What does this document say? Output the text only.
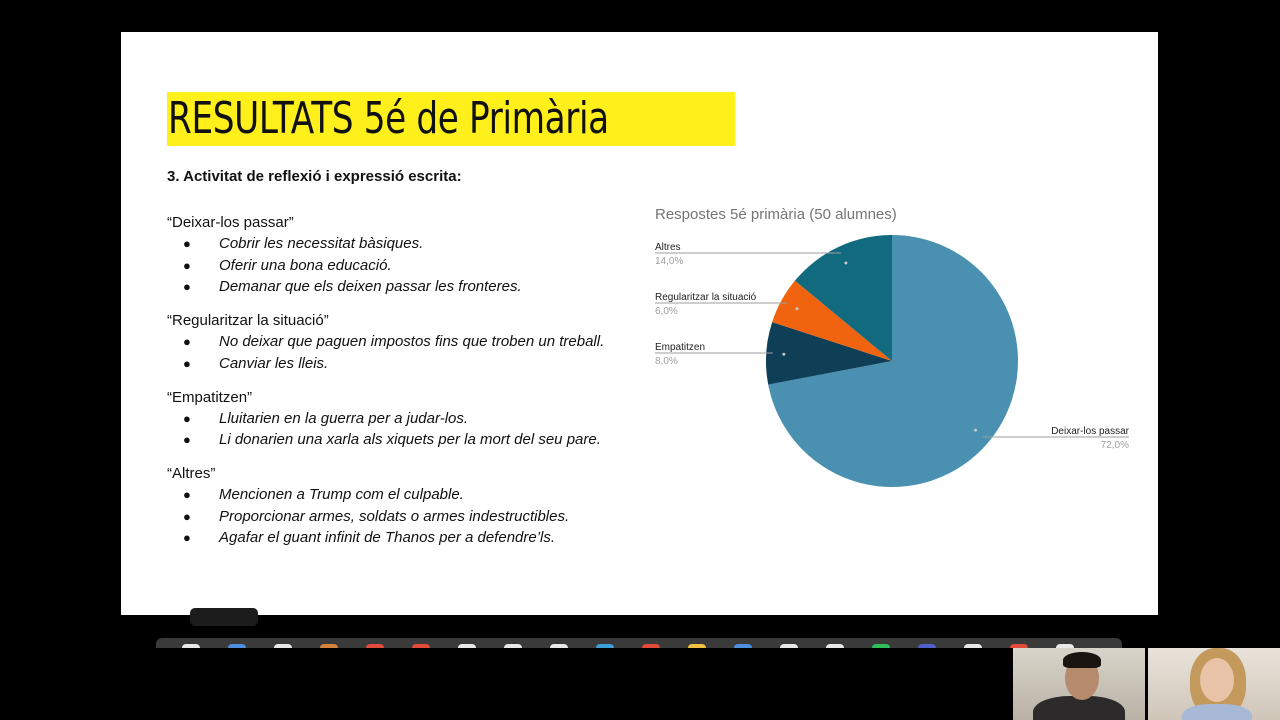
RESULTATS 5é de Primària
3. Activitat de reflexió i expressió escrita:
“Deixar-los passar”
● Cobrir les necessitat bàsiques.
● Oferir una bona educació.
● Demanar que els deixen passar les fronteres.
“Regularitzar la situació”
● No deixar que paguen impostos fins que troben un treball.
● Canviar les lleis.
“Empatitzen”
● Lluitarien en la guerra per a judar-los.
● Li donarien una xarla als xiquets per la mort del seu pare.
“Altres”
● Mencionen a Trump com el culpable.
● Proporcionar armes, soldats o armes indestructibles.
● Agafar el guant infinit de Thanos per a defendre’ls.
Respostes 5é primària (50 alumnes)
Deixar-los passar
72,0%
Empatitzen
8,0%
Regularitzar la situació
6,0%
Altres
14,0%
